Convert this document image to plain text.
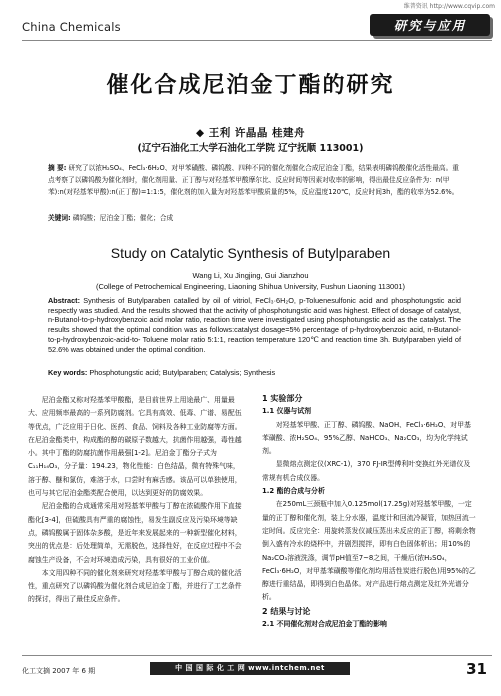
维普资讯 http://www.cqvip.com
China Chemicals	研究与应用
催化合成尼泊金丁酯的研究
◆ 王利 许晶晶 桂建舟
(辽宁石油化工大学石油化工学院 辽宁抚顺 113001)
摘 要: 研究了以浓H₂SO₄、FeCl₃·6H₂O、对甲苯磺酸、磷钨酸、四种不同的催化剂催化合成尼泊金丁酯，结果表明磷钨酸催化活性最高。重点考察了以磷钨酸为催化剂时，催化剂用量、正丁醇与对羟基苯甲酸摩尔比、反应时间等因素对收率的影响，得出最佳反应条件为：n(甲苯):n(对羟基苯甲酸):n(正丁醇)=1:1:5，催化剂的加入量为对羟基苯甲酸质量的5%，反应温度120℃，反应时间3h，酯的收率为52.6%。
关键词: 磷钨酸；尼泊金丁酯；催化；合成
Study on Catalytic Synthesis of Butylparaben
Wang Li, Xu Jingjing, Gui Jianzhou
(College of Petrochemical Engineering, Liaoning Shihua University, Fushun Liaoning 113001)
Abstract: Synthesis of Butylparaben catalled by oil of vitriol, FeCl₃·6H₂O, p-Toluenesulfonic acid and phosphotungstic acid respectly was studied. And the results showed that the activity of phosphotungstic acid was highest. Effect of dosage of catalyst, n-Butanol-to-p-hydroxybenzoic acid molar ratio, reaction time were investigated using phosphotungstic acid as the catalyst. The results showed that the optimal condition was as follows:catalyst dosage=5% percentage of p-hydroxybenzoic acid, n-Butanol-to-p-hydroxybenzoic-acid-to- Toluene molar ratio 5:1:1, reaction temperature 120℃ and reaction time 3h. Butylparaben yield of 52.6% was obtained under the optimal condition.
Key words: Phosphotungstic acid; Butylparaben; Catalysis; Synthesis

尼泊金酯又称对羟基苯甲酸酯，是目前世界上用途最广、用量最大、应用频率最高的一系列防腐剂。它具有高效、低毒、广谱、易配伍等优点，广泛应用于日化、医药、食品、饲料及各种工业防腐等方面。在尼泊金酯类中，构成酯的醇的碳原子数越大，抗菌作用越强，毒性越小。其中丁酯的防腐抗菌作用最强[1-2]。尼泊金丁酯分子式为C₁₁H₁₄O₃，分子量：194.23，物化性能：白色结晶，微有特殊气味，溶于醇、醚和氯仿，难溶于水，口尝时有麻舌感。该品可以单独使用，也可与其它尼泊金酯类配合使用，以达到更好的防腐效果。

尼泊金酯的合成通常采用对羟基苯甲酸与丁醇在浓硫酸作用下直接酯化[3-4]，但硫酸具有严重的腐蚀性，易发生副反应及污染环境等缺点，磷钨酸属于固体杂多酸，是近年来发展起来的一种新型催化材料，突出的优点是：后处理简单，无需脱色，选择性好，在反应过程中不会腐蚀生产设备，不会对环境造成污染，具有很好的工业价值。

本文用四种不同的催化剂来研究对羟基苯甲酸与丁醇合成的催化活性，重点研究了以磷钨酸为催化剂合成尼泊金丁酯，并进行了工艺条件的探讨，得出了最佳反应条件。

1 实验部分

1.1 仪器与试剂

对羟基苯甲酸、正丁醇、磷钨酸、NaOH、FeCl₃·6H₂O、对甲基苯磺酸、浓H₂SO₄、95%乙醇、NaHCO₃、Na₂CO₃，均为化学纯试剂。

显微熔点测定仪(XRC-1)，370 FJ-IR型傅利叶变换红外光谱仪及常规有机合成仪器。

1.2 酯的合成与分析

在250mL三颈瓶中加入0.125mol(17.25g)对羟基苯甲酸，一定量的正丁醇和催化剂，装上分水器，温度计和回流冷凝管，加热回流一定时间。反应完全：用旋转蒸发仪减压蒸出未反应的正丁醇，将剩余物倒入盛有冷水的烧杯中，并剧烈搅拌，即有白色固体析出；用10%的Na₂CO₃溶液洗涤，调节pH值至7~8之间，干燥后(浓H₂SO₄，FeCl₃·6H₂O，对甲基苯磺酸等催化剂均用活性炭进行脱色)用95%的乙醇进行重结晶，即得到白色晶体。对产品进行熔点测定及红外光谱分析。

2 结果与讨论

2.1 不同催化剂对合成尼泊金丁酯的影响

化工文摘 2007 年 6 期	中 国 国 际 化 工 网 www.intchem.net	31
